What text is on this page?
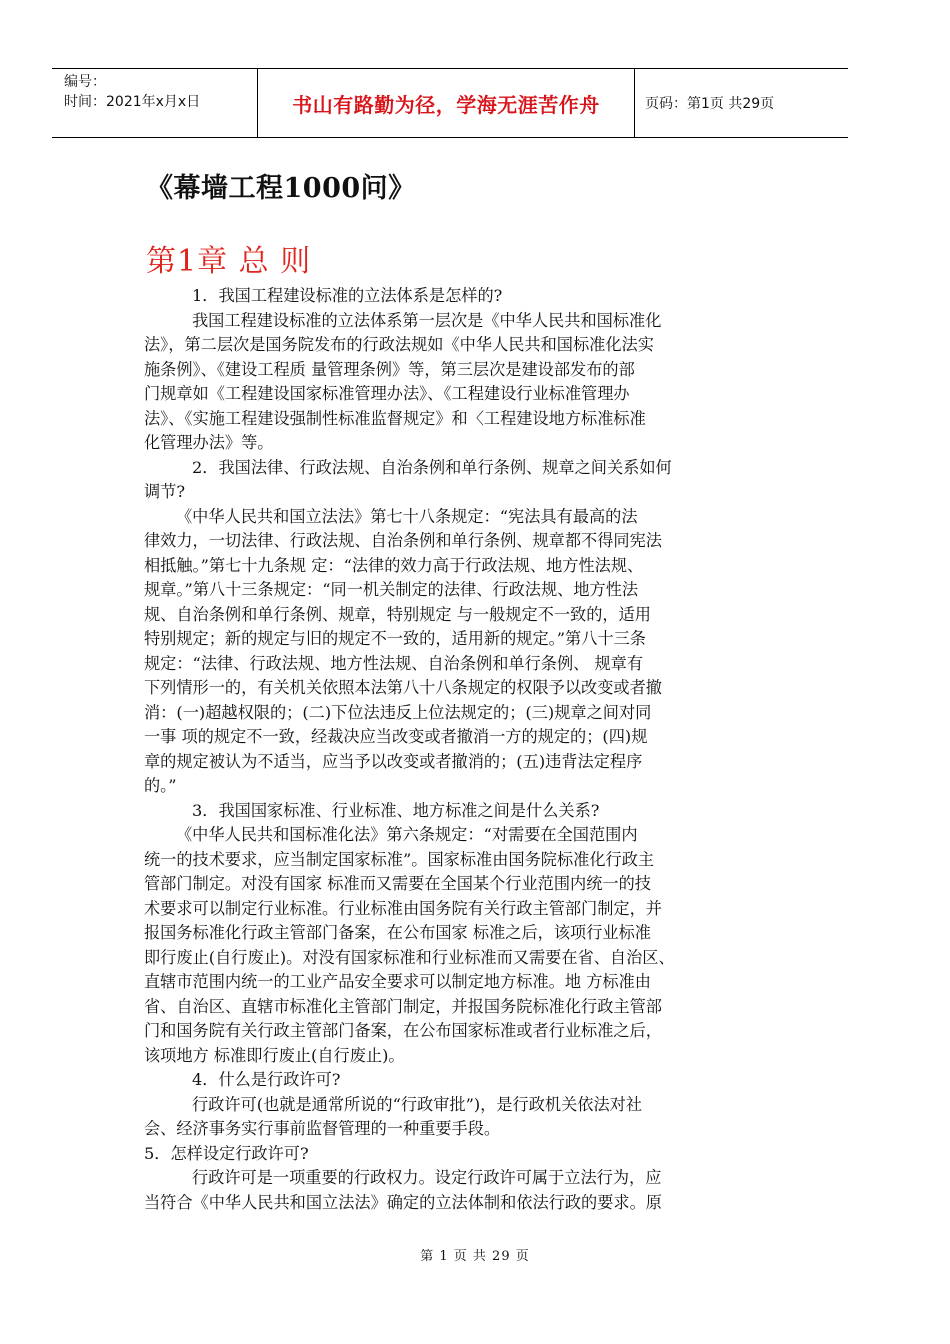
编号：
时间：2021年x月x日	书山有路勤为径，学海无涯苦作舟	页码：第1页 共29页
《幕墙工程1000问》
第1章 总 则
1．我国工程建设标准的立法体系是怎样的?
我国工程建设标准的立法体系第一层次是《中华人民共和国标准化
法》，第二层次是国务院发布的行政法规如《中华人民共和国标准化法实
施条例》、《建设工程质 量管理条例》等，第三层次是建设部发布的部
门规章如《工程建设国家标准管理办法》、《工程建设行业标准管理办
法》、《实施工程建设强制性标准监督规定》和〈工程建设地方标准标准
化管理办法》等。
2．我国法律、行政法规、自治条例和单行条例、规章之间关系如何
调节?
《中华人民共和国立法法》第七十八条规定：“宪法具有最高的法
律效力，一切法律、行政法规、自治条例和单行条例、规章都不得同宪法
相抵触。”第七十九条规 定：“法律的效力高于行政法规、地方性法规、
规章。”第八十三条规定：“同一机关制定的法律、行政法规、地方性法
规、自治条例和单行条例、规章，特别规定 与一般规定不一致的，适用
特别规定；新的规定与旧的规定不一致的，适用新的规定。”第八十三条
规定：“法律、行政法规、地方性法规、自治条例和单行条例、 规章有
下列情形一的，有关机关依照本法第八十八条规定的权限予以改变或者撤
消：(一)超越权限的；(二)下位法违反上位法规定的；(三)规章之间对同
一事 项的规定不一致，经裁决应当改变或者撤消一方的规定的；(四)规
章的规定被认为不适当，应当予以改变或者撤消的；(五)违背法定程序
的。”
3．我国国家标准、行业标准、地方标准之间是什么关系?
《中华人民共和国标准化法》第六条规定：“对需要在全国范围内
统一的技术要求，应当制定国家标准”。国家标准由国务院标准化行政主
管部门制定。对没有国家 标准而又需要在全国某个行业范围内统一的技
术要求可以制定行业标准。行业标准由国务院有关行政主管部门制定，并
报国务标准化行政主管部门备案，在公布国家 标准之后，该项行业标准
即行废止(自行废止)。对没有国家标准和行业标准而又需要在省、自治区、
直辖市范围内统一的工业产品安全要求可以制定地方标准。地 方标准由
省、自治区、直辖市标准化主管部门制定，并报国务院标准化行政主管部
门和国务院有关行政主管部门备案，在公布国家标准或者行业标准之后，
该项地方 标准即行废止(自行废止)。
4．什么是行政许可?
行政许可(也就是通常所说的“行政审批”)，是行政机关依法对社
会、经济事务实行事前监督管理的一种重要手段。
5．怎样设定行政许可?
行政许可是一项重要的行政权力。设定行政许可属于立法行为，应
当符合《中华人民共和国立法法》确定的立法体制和依法行政的要求。原
第 1 页 共 29 页
